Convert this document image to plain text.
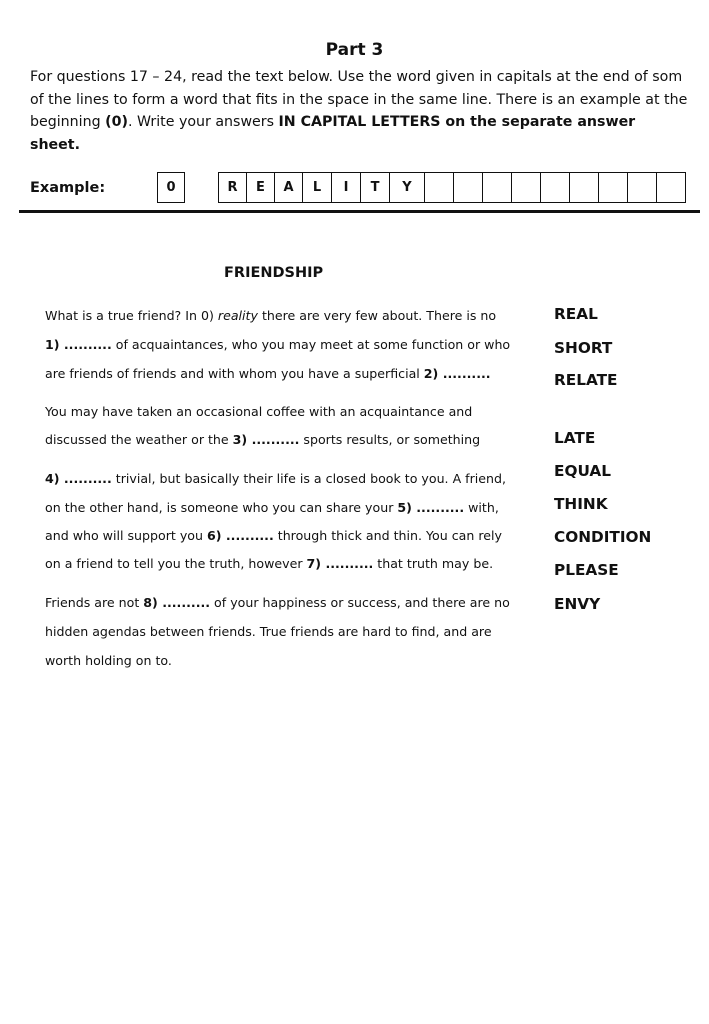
Part 3
For questions 17 – 24, read the text below. Use the word given in capitals at the end of som of the lines to form a word that fits in the space in the same line. There is an example at the beginning (0). Write your answers IN CAPITAL LETTERS on the separate answer sheet.
Example:	0	R	E	A	L	I	T	Y
FRIENDSHIP
What is a true friend? In 0) reality there are very few about. There is no
1) .......... of acquaintances, who you may meet at some function or who
are friends of friends and with whom you have a superficial 2) ..........
You may have taken an occasional coffee with an acquaintance and
discussed the weather or the 3) .......... sports results, or something
4) .......... trivial, but basically their life is a closed book to you. A friend,
on the other hand, is someone who you can share your 5) .......... with,
and who will support you 6) .......... through thick and thin. You can rely
on a friend to tell you the truth, however 7) .......... that truth may be.
Friends are not 8) .......... of your happiness or success, and there are no
hidden agendas between friends. True friends are hard to find, and are
worth holding on to.
REAL
SHORT
RELATE
LATE
EQUAL
THINK
CONDITION
PLEASE
ENVY
